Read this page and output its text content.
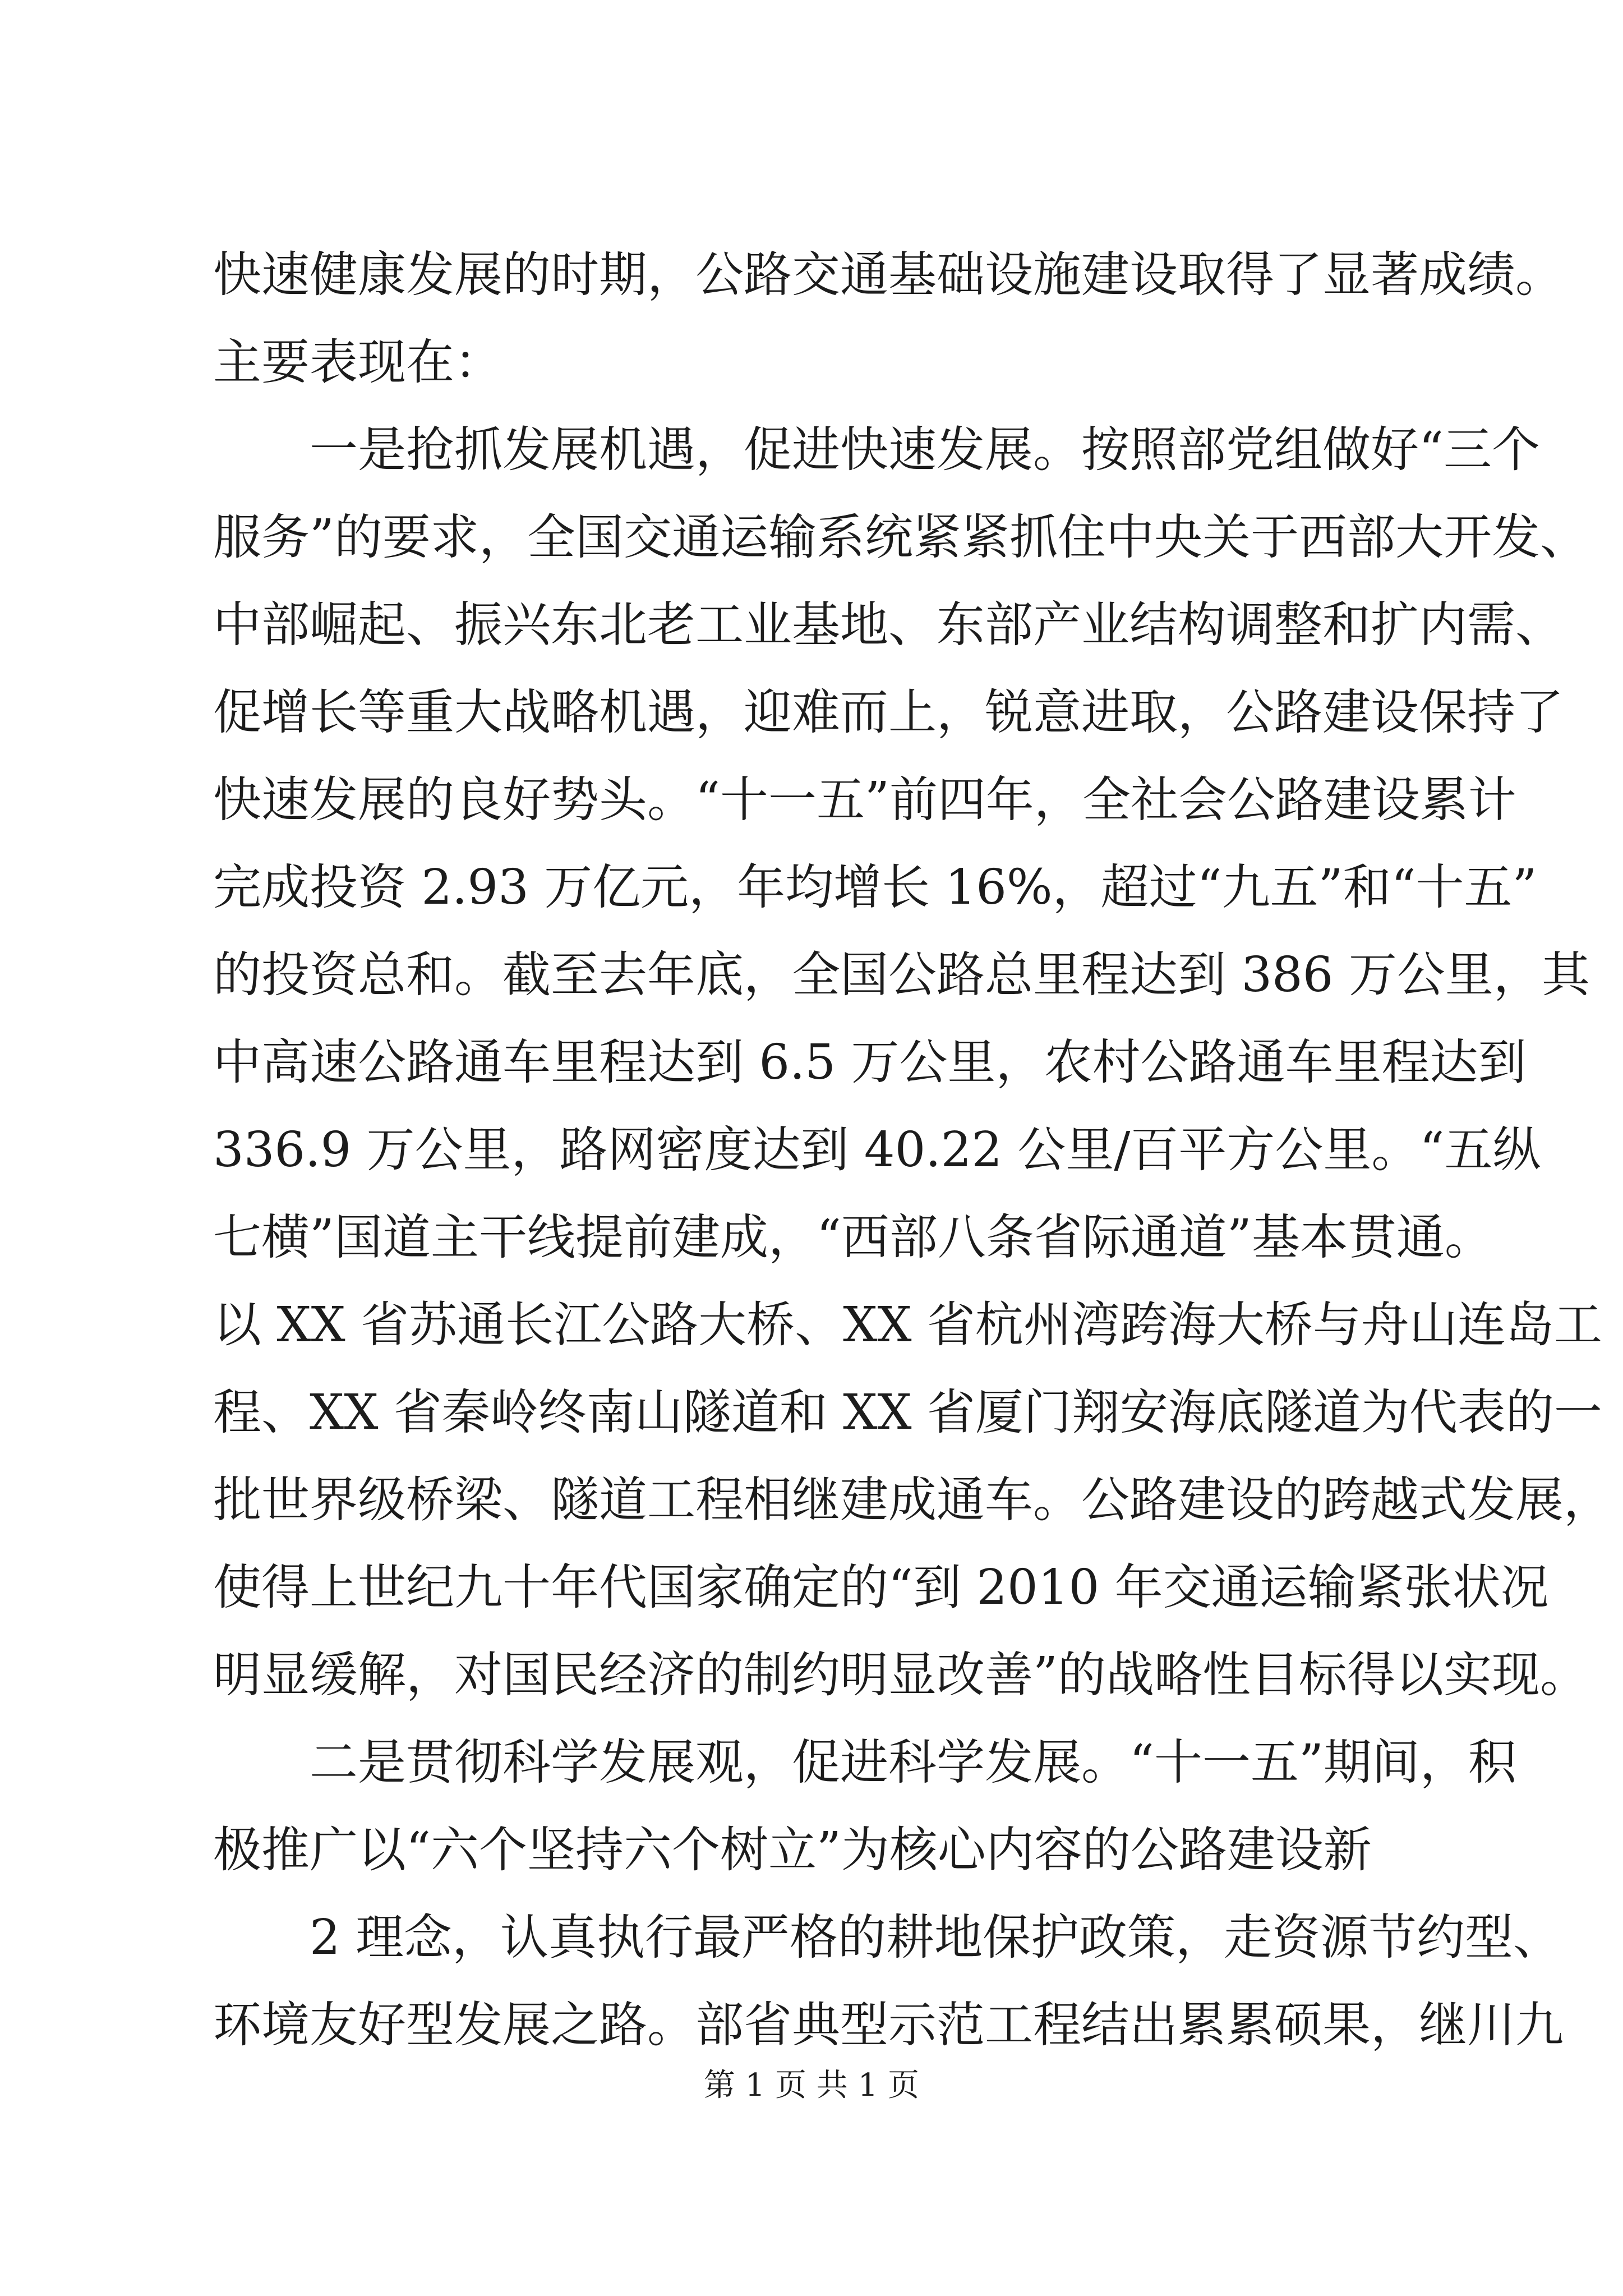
快速健康发展的时期，公路交通基础设施建设取得了显著成绩。
主要表现在：
一是抢抓发展机遇，促进快速发展。按照部党组做好“三个
服务”的要求，全国交通运输系统紧紧抓住中央关于西部大开发、
中部崛起、振兴东北老工业基地、东部产业结构调整和扩内需、
促增长等重大战略机遇，迎难而上，锐意进取，公路建设保持了
快速发展的良好势头。“十一五”前四年，全社会公路建设累计
完成投资 2.93 万亿元，年均增长 16%，超过“九五”和“十五”
的投资总和。截至去年底，全国公路总里程达到 386 万公里，其
中高速公路通车里程达到 6.5 万公里，农村公路通车里程达到
336.9 万公里，路网密度达到 40.22 公里/百平方公里。“五纵
七横”国道主干线提前建成，“西部八条省际通道”基本贯通。
以 XX 省苏通长江公路大桥、XX 省杭州湾跨海大桥与舟山连岛工
程、XX 省秦岭终南山隧道和 XX 省厦门翔安海底隧道为代表的一
批世界级桥梁、隧道工程相继建成通车。公路建设的跨越式发展，
使得上世纪九十年代国家确定的“到 2010 年交通运输紧张状况
明显缓解，对国民经济的制约明显改善”的战略性目标得以实现。
二是贯彻科学发展观，促进科学发展。“十一五”期间，积
极推广以“六个坚持六个树立”为核心内容的公路建设新
2 理念，认真执行最严格的耕地保护政策，走资源节约型、
环境友好型发展之路。部省典型示范工程结出累累硕果，继川九
第 1 页 共 1 页
